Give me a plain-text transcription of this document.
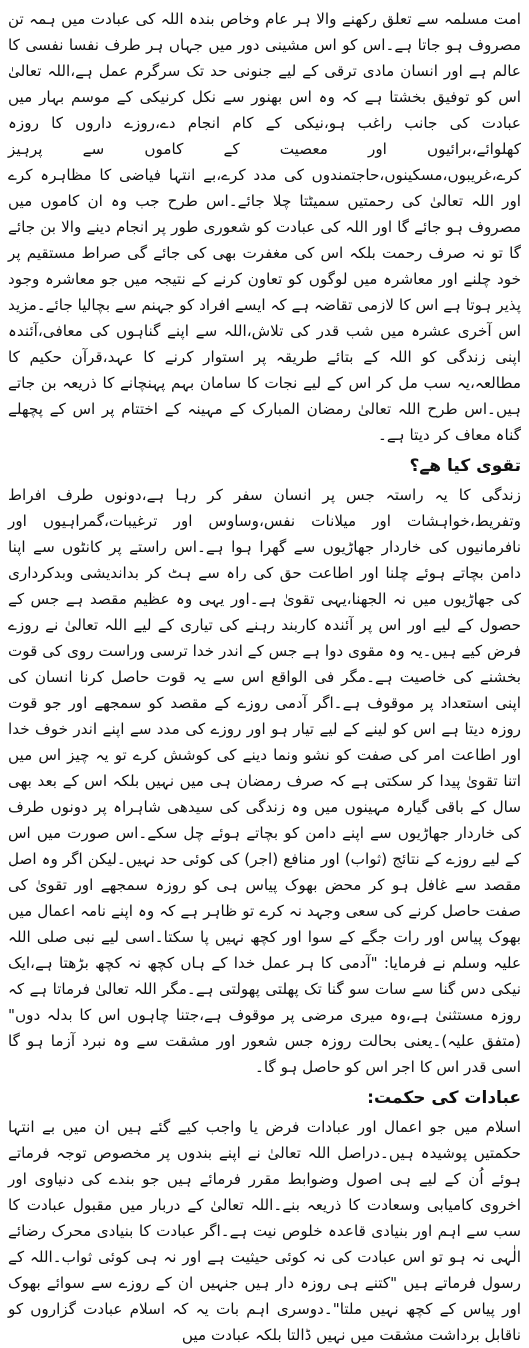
امت مسلمہ سے تعلق رکھنے والا ہر عام وخاص بندہ اللہ کی عبادت میں ہمہ تن مصروف ہو جاتا ہے۔اس کو اس مشینی دور میں جہاں ہر طرف نفسا نفسی کا عالم ہے اور انسان مادی ترقی کے لیے جنونی حد تک سرگرم عمل ہے،اللہ تعالیٰ اس کو توفیق بخشتا ہے کہ وہ اس بھنور سے نکل کرنیکی کے موسم بہار میں عبادت کی جانب راغب ہو،نیکی کے کام انجام دے،روزے داروں کا روزہ کھلوائے،برائیوں اور معصیت کے کاموں سے پرہیز کرے،غریبوں،مسکینوں،حاجتمندوں کی مدد کرے،بے انتہا فیاضی کا مظاہرہ کرے اور اللہ تعالیٰ کی رحمتیں سمیٹتا چلا جائے۔اس طرح جب وہ ان کاموں میں مصروف ہو جائے گا اور اللہ کی عبادت کو شعوری طور پر انجام دینے والا بن جائے گا تو نہ صرف رحمت بلکہ اس کی مغفرت بھی کی جائے گی صراط مستقیم پر خود چلنے اور معاشرہ میں لوگوں کو تعاون کرنے کے نتیجہ میں جو معاشرہ وجود پذیر ہوتا ہے اس کا لازمی تقاضہ ہے کہ ایسے افراد کو جہنم سے بچالیا جائے۔مزید اس آخری عشرہ میں شب قدر کی تلاش،اللہ سے اپنے گناہوں کی معافی،آئندہ اپنی زندگی کو اللہ کے بتائے طریقہ پر استوار کرنے کا عہد،قرآن حکیم کا مطالعہ،یہ سب مل کر اس کے لیے نجات کا سامان بہم پہنچانے کا ذریعہ بن جاتے ہیں۔اس طرح اللہ تعالیٰ رمضان المبارک کے مہینہ کے اختتام پر اس کے پچھلے گناہ معاف کر دیتا ہے۔

تقوی کیا ھے؟

زندگی کا یہ راستہ جس پر انسان سفر کر رہا ہے،دونوں طرف افراط وتفریط،خواہشات اور میلانات نفس،وساوس اور ترغیبات،گمراہیوں اور نافرمانیوں کی خاردار جھاڑیوں سے گھرا ہوا ہے۔اس راستے پر کانٹوں سے اپنا دامن بچاتے ہوئے چلنا اور اطاعت حق کی راہ سے ہٹ کر بداندیشی وبدکرداری کی جھاڑیوں میں نہ الجھنا،یہی تقویٰ ہے۔اور یہی وہ عظیم مقصد ہے جس کے حصول کے لیے اور اس پر آئندہ کاربند رہنے کی تیاری کے لیے اللہ تعالیٰ نے روزے فرض کیے ہیں۔یہ وہ مقوی دوا ہے جس کے اندر خدا ترسی وراست روی کی قوت بخشنے کی خاصیت ہے۔مگر فی الواقع اس سے یہ قوت حاصل کرنا انسان کی اپنی استعداد پر موقوف ہے۔اگر آدمی روزے کے مقصد کو سمجھے اور جو قوت روزہ دیتا ہے اس کو لینے کے لیے تیار ہو اور روزے کی مدد سے اپنے اندر خوف خدا اور اطاعت امر کی صفت کو نشو ونما دینے کی کوشش کرے تو یہ چیز اس میں اتنا تقویٰ پیدا کر سکتی ہے کہ صرف رمضان ہی میں نہیں بلکہ اس کے بعد بھی سال کے باقی گیارہ مہینوں میں وہ زندگی کی سیدھی شاہراہ پر دونوں طرف کی خاردار جھاڑیوں سے اپنے دامن کو بچاتے ہوئے چل سکے۔اس صورت میں اس کے لیے روزے کے نتائج (ثواب) اور منافع (اجر) کی کوئی حد نہیں۔لیکن اگر وہ اصل مقصد سے غافل ہو کر محض بھوک پیاس ہی کو روزہ سمجھے اور تقویٰ کی صفت حاصل کرنے کی سعی وجہد نہ کرے تو ظاہر ہے کہ وہ اپنے نامہ اعمال میں بھوک پیاس اور رات جگے کے سوا اور کچھ نہیں پا سکتا۔اسی لیے نبی صلی اللہ علیہ وسلم نے فرمایا: "آدمی کا ہر عمل خدا کے ہاں کچھ نہ کچھ بڑھتا ہے،ایک نیکی دس گنا سے سات سو گنا تک پھلتی پھولتی ہے۔مگر اللہ تعالیٰ فرماتا ہے کہ روزہ مستثنیٰ ہے،وہ میری مرضی پر موقوف ہے،جتنا چاہوں اس کا بدلہ دوں" (متفق علیہ)۔یعنی بحالت روزہ جس شعور اور مشقت سے وہ نبرد آزما ہو گا اسی قدر اس کا اجر اس کو حاصل ہو گا۔

عبادات کی حکمت:

اسلام میں جو اعمال اور عبادات فرض یا واجب کیے گئے ہیں ان میں بے انتہا حکمتیں پوشیدہ ہیں۔دراصل اللہ تعالیٰ نے اپنے بندوں پر مخصوص توجہ فرماتے ہوئے اُن کے لیے ہی اصول وضوابط مقرر فرمائے ہیں جو بندے کی دنیاوی اور اخروی کامیابی وسعادت کا ذریعہ بنے۔اللہ تعالیٰ کے دربار میں مقبول عبادت کا سب سے اہم اور بنیادی قاعدہ خلوص نیت ہے۔اگر عبادت کا بنیادی محرک رضائے الٰہی نہ ہو تو اس عبادت کی نہ کوئی حیثیت ہے اور نہ ہی کوئی ثواب۔اللہ کے رسول فرماتے ہیں "کتنے ہی روزہ دار ہیں جنہیں ان کے روزے سے سوائے بھوک اور پیاس کے کچھ نہیں ملتا"۔دوسری اہم بات یہ کہ اسلام عبادت گزاروں کو ناقابل برداشت مشقت میں نہیں ڈالتا بلکہ عبادت میں
